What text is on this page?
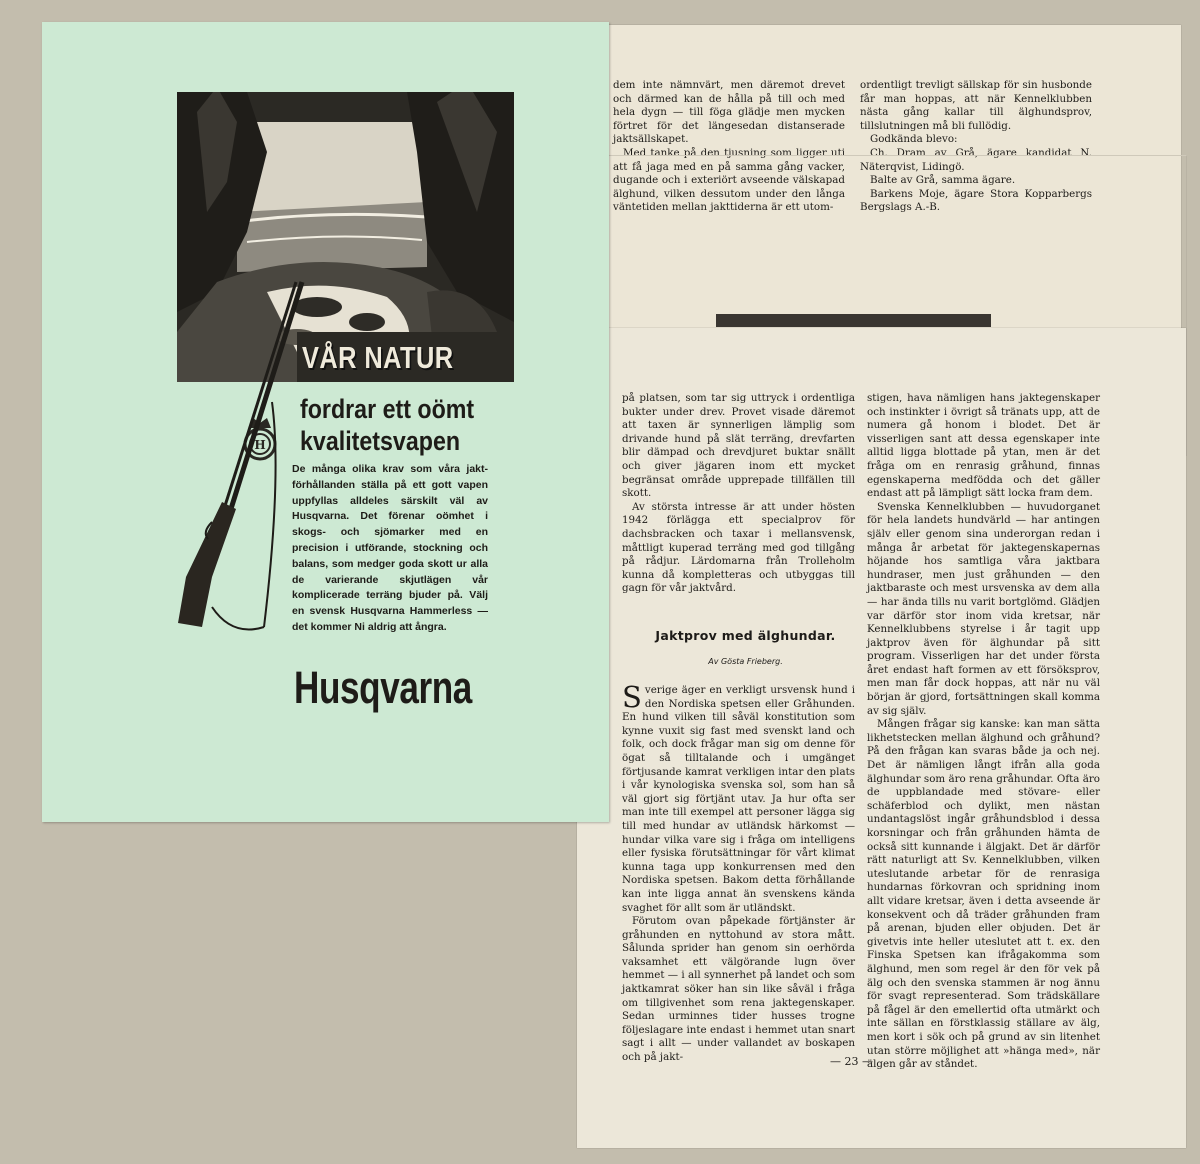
dem inte nämnvärt, men däremot drevet och därmed kan de hålla på till och med hela dygn — till föga glädje men mycken förtret för det längesedan distanserade jaktsällskapet.

Med tanke på den tjusning som ligger uti att få jaga med en på samma gång vacker, dugande och i exteriört avseende välskapad älghund, vilken dessutom under den långa väntetiden mellan jakttiderna är ett utom-

ordentligt trevligt sällskap för sin husbonde får man hoppas, att när Kennelklubben nästa gång kallar till älghundsprov, tillslutningen må bli fullödig.

Godkända blevo:

Ch. Dram av Grå, ägare kandidat N. Näterqvist, Lidingö.

Balte av Grå, samma ägare.

Barkens Moje, ägare Stora Kopparbergs Bergslags A.-B.

på platsen, som tar sig uttryck i ordentliga bukter under drev. Provet visade däremot att taxen är synnerligen lämplig som drivande hund på slät terräng, drevfarten blir dämpad och drevdjuret buktar snällt och giver jägaren inom ett mycket begränsat område upprepade tillfällen till skott.

Av största intresse är att under hösten 1942 förlägga ett specialprov för dachsbracken och taxar i mellansvensk, måttligt kuperad terräng med god tillgång på rådjur. Lärdomarna från Trolleholm kunna då kompletteras och utbyggas till gagn för vår jaktvård.

Jaktprov med älghundar.
Av Gösta Frieberg.

Sverige äger en verkligt ursvensk hund i den Nordiska spetsen eller Gråhunden. En hund vilken till såväl konstitution som kynne vuxit sig fast med svenskt land och folk, och dock frågar man sig om denne för ögat så tilltalande och i umgänget förtjusande kamrat verkligen intar den plats i vår kynologiska svenska sol, som han så väl gjort sig förtjänt utav. Ja hur ofta ser man inte till exempel att personer lägga sig till med hundar av utländsk härkomst — hundar vilka vare sig i fråga om intelligens eller fysiska förutsättningar för vårt klimat kunna taga upp konkurrensen med den Nordiska spetsen. Bakom detta förhållande kan inte ligga annat än svenskens kända svaghet för allt som är utländskt.

Förutom ovan påpekade förtjänster är gråhunden en nyttohund av stora mått. Sålunda sprider han genom sin oerhörda vaksamhet ett välgörande lugn över hemmet — i all synnerhet på landet och som jaktkamrat söker han sin like såväl i fråga om tillgivenhet som rena jaktegenskaper. Sedan urminnes tider husses trogne följeslagare inte endast i hemmet utan snart sagt i allt — under vallandet av boskapen och på jakt-

stigen, hava nämligen hans jaktegenskaper och instinkter i övrigt så tränats upp, att de numera gå honom i blodet. Det är visserligen sant att dessa egenskaper inte alltid ligga blottade på ytan, men är det fråga om en renrasig gråhund, finnas egenskaperna medfödda och det gäller endast att på lämpligt sätt locka fram dem.

Svenska Kennelklubben — huvudorganet för hela landets hundvärld — har antingen själv eller genom sina underorgan redan i många år arbetat för jaktegenskapernas höjande hos samtliga våra jaktbara hundraser, men just gråhunden — den jaktbaraste och mest ursvenska av dem alla — har ända tills nu varit bortglömd. Glädjen var därför stor inom vida kretsar, när Kennelklubbens styrelse i år tagit upp jaktprov även för älghundar på sitt program. Visserligen har det under första året endast haft formen av ett försöksprov, men man får dock hoppas, att när nu väl början är gjord, fortsättningen skall komma av sig själv.

Mången frågar sig kanske: kan man sätta likhetstecken mellan älghund och gråhund? På den frågan kan svaras både ja och nej. Det är nämligen långt ifrån alla goda älghundar som äro rena gråhundar. Ofta äro de uppblandade med stövare- eller schäferblod och dylikt, men nästan undantagslöst ingår gråhundsblod i dessa korsningar och från gråhunden hämta de också sitt kunnande i älgjakt. Det är därför rätt naturligt att Sv. Kennelklubben, vilken uteslutande arbetar för de renrasiga hundarnas förkovran och spridning inom allt vidare kretsar, även i detta avseende är konsekvent och då träder gråhunden fram på arenan, bjuden eller objuden. Det är givetvis inte heller uteslutet att t. ex. den Finska Spetsen kan ifrågakomma som älghund, men som regel är den för vek på älg och den svenska stammen är nog ännu för svagt representerad. Som trädskällare på fågel är den emellertid ofta utmärkt och inte sällan en förstklassig ställare av älg, men kort i sök och på grund av sin litenhet utan större möjlighet att »hänga med», när älgen går av ståndet.

— 23 —
VÅR NATUR
fordrar ett oömt
kvalitetsvapen
H
De många olika krav som våra jakt-förhållanden ställa på ett gott vapen uppfyllas alldeles särskilt väl av Husqvarna. Det förenar oömhet i skogs- och sjömarker med en precision i utförande, stockning och balans, som medger goda skott ur alla de varierande skjutlägen vår komplicerade terräng bjuder på. Välj en svensk Husqvarna Hammerless — det kommer Ni aldrig att ångra.
Husqvarna
